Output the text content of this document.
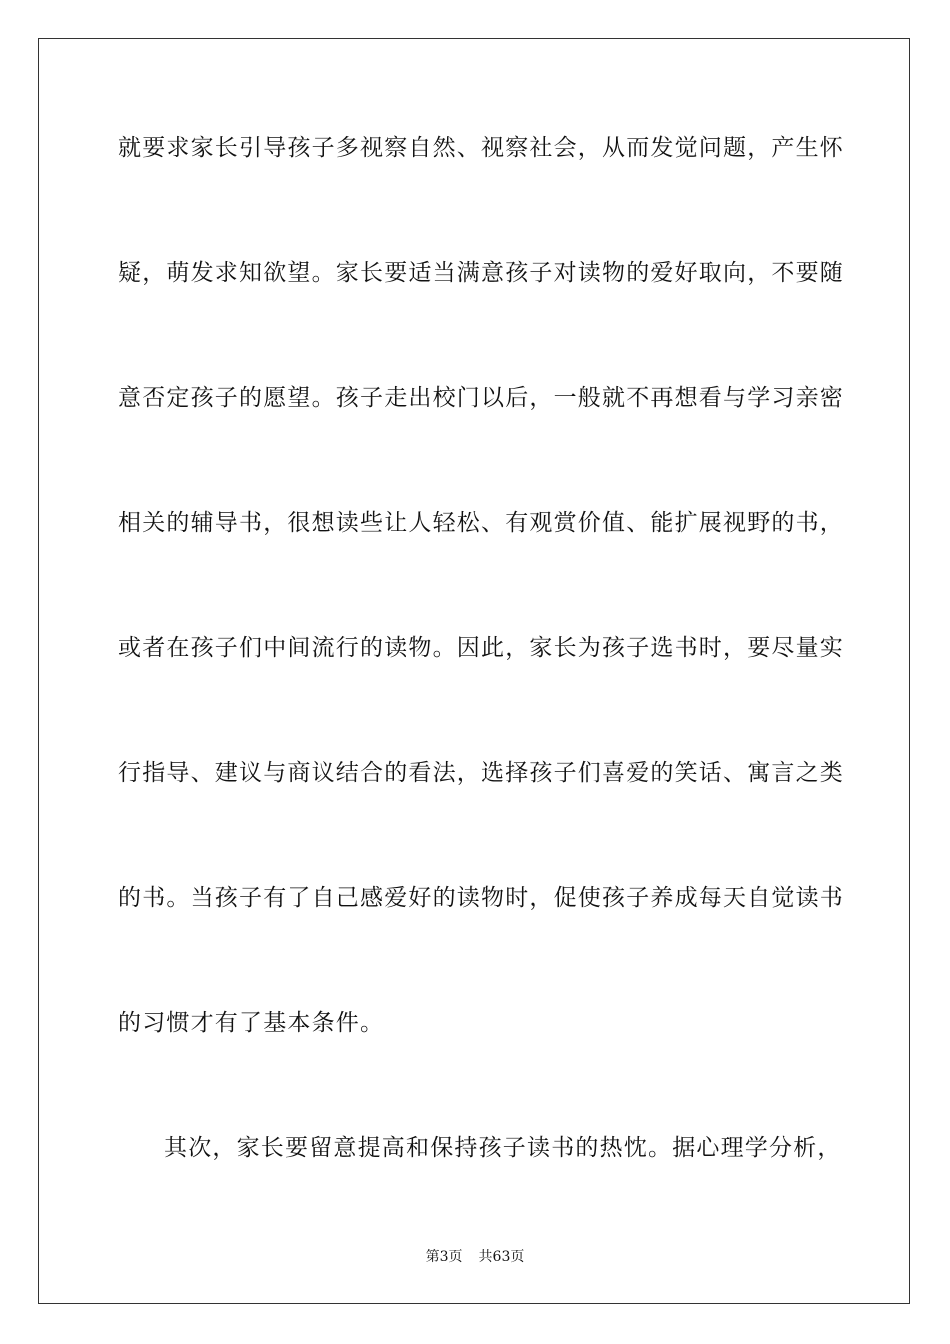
就要求家长引导孩子多视察自然、视察社会，从而发觉问题，产生怀
疑，萌发求知欲望。家长要适当满意孩子对读物的爱好取向，不要随
意否定孩子的愿望。孩子走出校门以后，一般就不再想看与学习亲密
相关的辅导书，很想读些让人轻松、有观赏价值、能扩展视野的书，
或者在孩子们中间流行的读物。因此，家长为孩子选书时，要尽量实
行指导、建议与商议结合的看法，选择孩子们喜爱的笑话、寓言之类
的书。当孩子有了自己感爱好的读物时，促使孩子养成每天自觉读书
的习惯才有了基本条件。
其次，家长要留意提高和保持孩子读书的热忱。据心理学分析，
第3页 共63页
